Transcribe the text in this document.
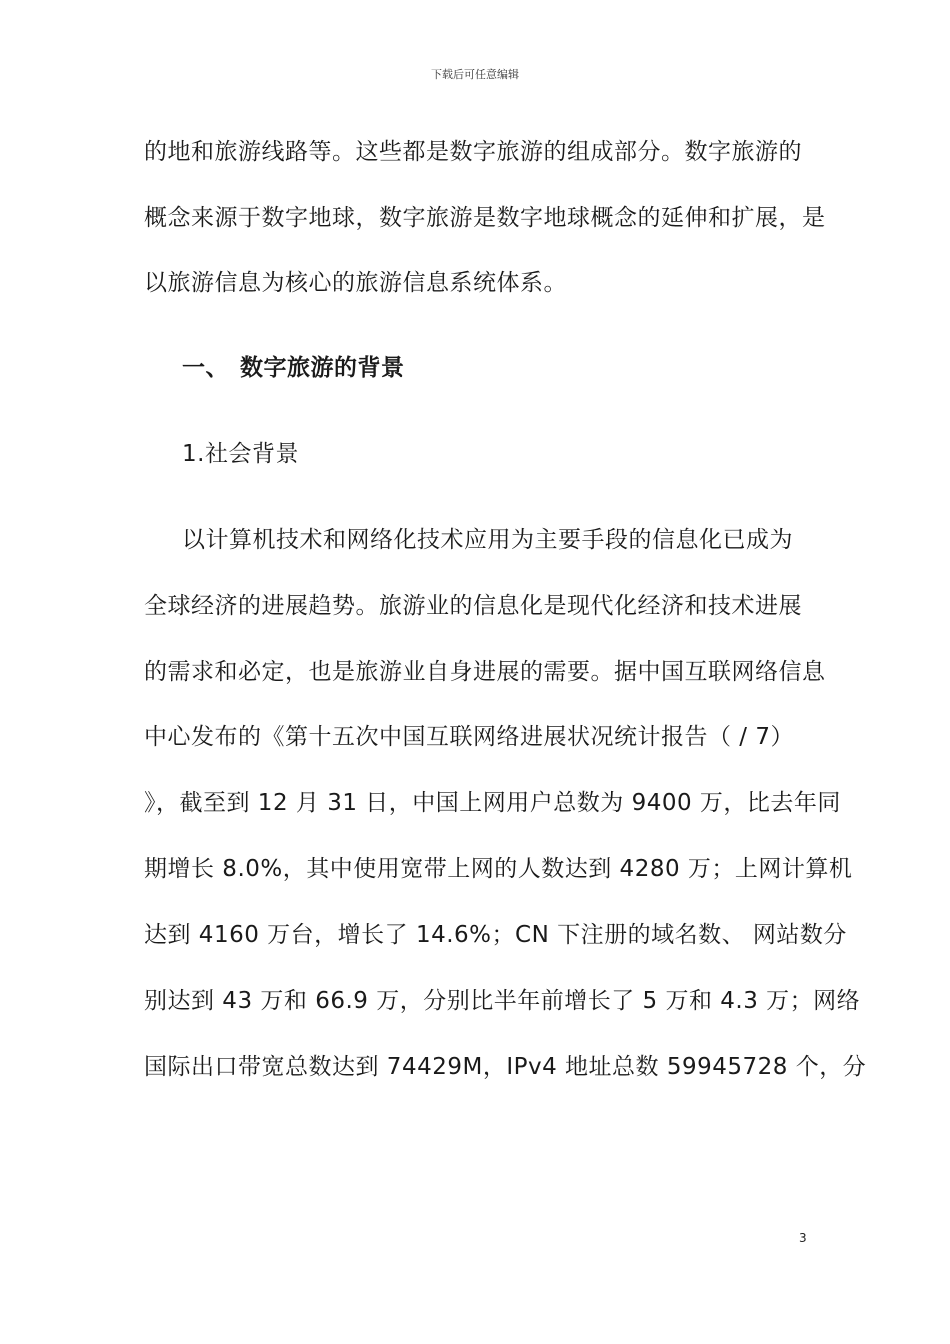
下载后可任意编辑
的地和旅游线路等。这些都是数字旅游的组成部分。数字旅游的
概念来源于数字地球，数字旅游是数字地球概念的延伸和扩展，是
以旅游信息为核心的旅游信息系统体系。
一、 数字旅游的背景
1.社会背景
以计算机技术和网络化技术应用为主要手段的信息化已成为
全球经济的进展趋势。旅游业的信息化是现代化经济和技术进展
的需求和必定，也是旅游业自身进展的需要。据中国互联网络信息
中心发布的《第十五次中国互联网络进展状况统计报告（ / 7）
》，截至到 12 月 31 日，中国上网用户总数为 9400 万，比去年同
期增长 8.0%，其中使用宽带上网的人数达到 4280 万；上网计算机
达到 4160 万台，增长了 14.6%；CN 下注册的域名数、 网站数分
别达到 43 万和 66.9 万，分别比半年前增长了 5 万和 4.3 万；网络
国际出口带宽总数达到 74429M，IPv4 地址总数 59945728 个，分
3
